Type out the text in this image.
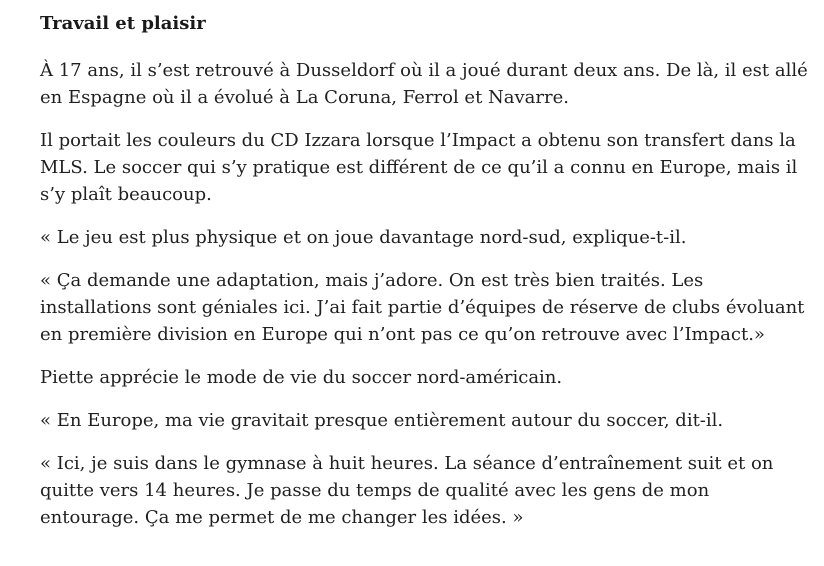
Travail et plaisir

À 17 ans, il s’est retrouvé à Dusseldorf où il a joué durant deux ans. De là, il est allé en Espagne où il a évolué à La Coruna, Ferrol et Navarre.

Il portait les couleurs du CD Izzara lorsque l’Impact a obtenu son transfert dans la MLS. Le soccer qui s’y pratique est différent de ce qu’il a connu en Europe, mais il s’y plaît beaucoup.

« Le jeu est plus physique et on joue davantage nord-sud, explique-t-il.

« Ça demande une adaptation, mais j’adore. On est très bien traités. Les installations sont géniales ici. J’ai fait partie d’équipes de réserve de clubs évoluant en première division en Europe qui n’ont pas ce qu’on retrouve avec l’Impact.»

Piette apprécie le mode de vie du soccer nord-américain.

« En Europe, ma vie gravitait presque entièrement autour du soccer, dit-il.

« Ici, je suis dans le gymnase à huit heures. La séance d’entraînement suit et on quitte vers 14 heures. Je passe du temps de qualité avec les gens de mon entourage. Ça me permet de me changer les idées. »
